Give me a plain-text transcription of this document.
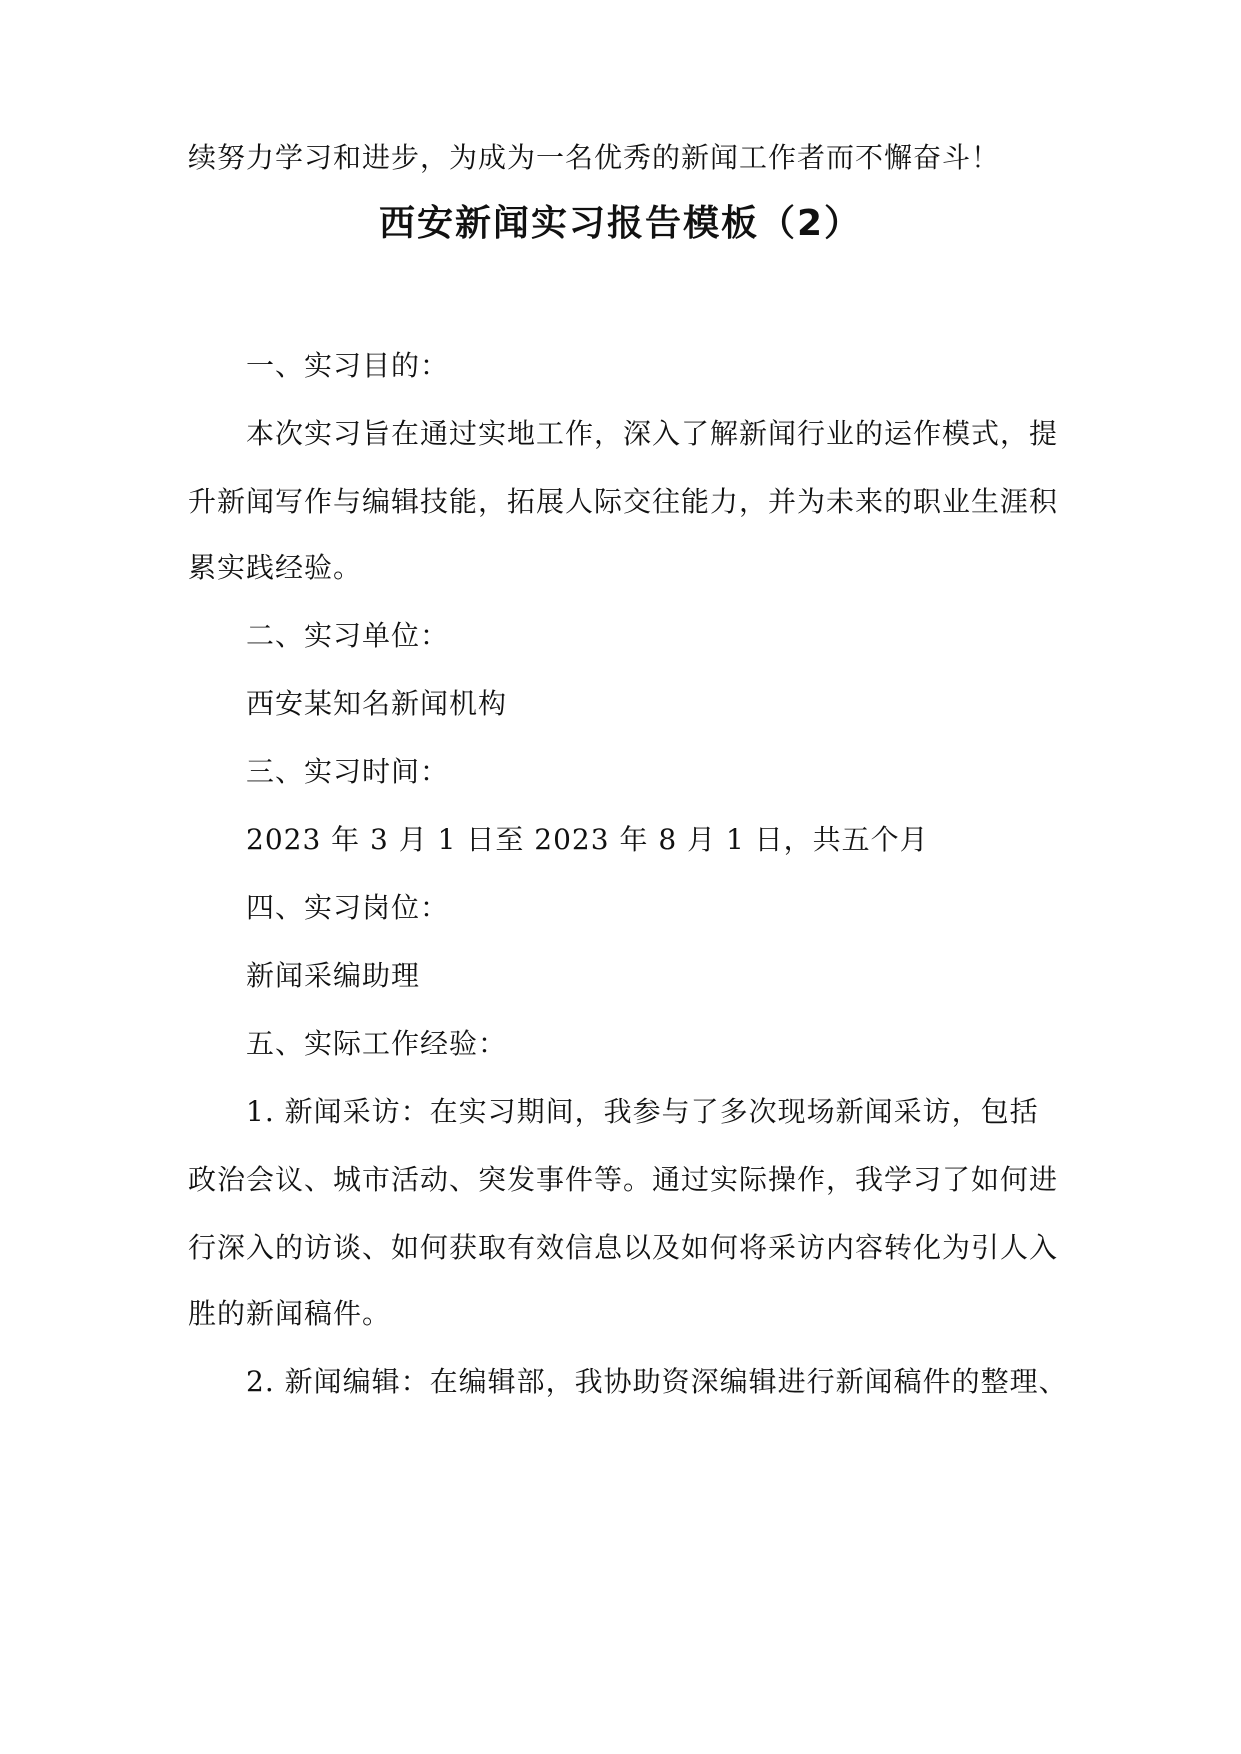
续努力学习和进步，为成为一名优秀的新闻工作者而不懈奋斗！
西安新闻实习报告模板（2）
一、实习目的：
本次实习旨在通过实地工作，深入了解新闻行业的运作模式，提
升新闻写作与编辑技能，拓展人际交往能力，并为未来的职业生涯积
累实践经验。
二、实习单位：
西安某知名新闻机构
三、实习时间：
2023 年 3 月 1 日至 2023 年 8 月 1 日，共五个月
四、实习岗位：
新闻采编助理
五、实际工作经验：
1. 新闻采访：在实习期间，我参与了多次现场新闻采访，包括
政治会议、城市活动、突发事件等。通过实际操作，我学习了如何进
行深入的访谈、如何获取有效信息以及如何将采访内容转化为引人入
胜的新闻稿件。
2. 新闻编辑：在编辑部，我协助资深编辑进行新闻稿件的整理、
